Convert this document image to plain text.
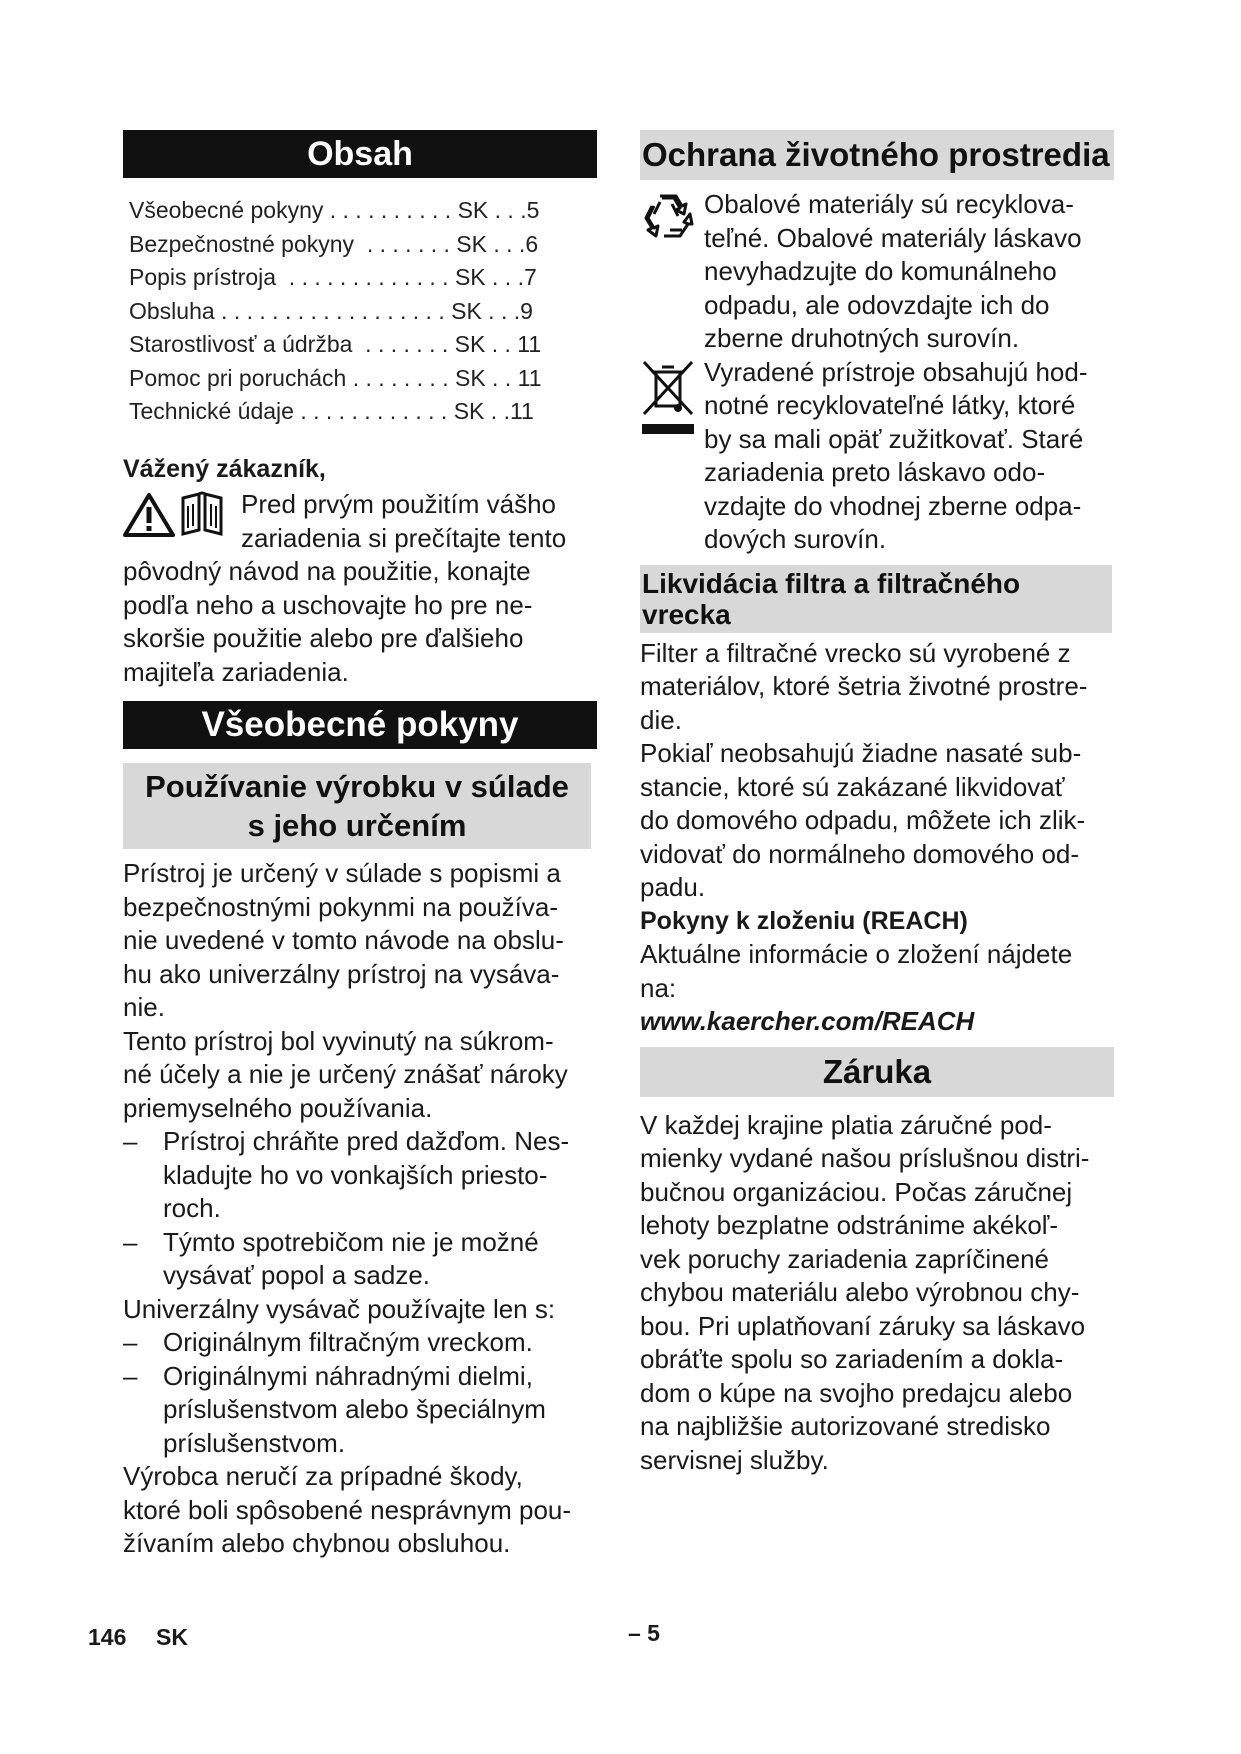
Obsah
Všeobecné pokyny . . . . . . . . . . SK . . .5
Bezpečnostné pokyny  . . . . . . . SK . . .6
Popis prístroja  . . . . . . . . . . . . . SK . . .7
Obsluha . . . . . . . . . . . . . . . . . . SK . . .9
Starostlivosť a údržba  . . . . . . . SK . . 11
Pomoc pri poruchách . . . . . . . . SK . . 11
Technické údaje . . . . . . . . . . . . SK . .11

Vážený zákazník,

Pred prvým použitím vášho

zariadenia si prečítajte tento

pôvodný návod na použitie, konajte

podľa neho a uschovajte ho pre ne-

skoršie použitie alebo pre ďalšieho

majiteľa zariadenia.

Všeobecné pokyny
Používanie výrobku v súlade
s jeho určením

Prístroj je určený v súlade s popismi a

bezpečnostnými pokynmi na používa-

nie uvedené v tomto návode na obslu-

hu ako univerzálny prístroj na vysáva-

nie.

Tento prístroj bol vyvinutý na súkrom-

né účely a nie je určený znášať nároky

priemyselného používania.

– Prístroj chráňte pred dažďom. Nes-

kladujte ho vo vonkajších priesto-

roch.

– Týmto spotrebičom nie je možné

vysávať popol a sadze.

Univerzálny vysávač používajte len s:

– Originálnym filtračným vreckom.

– Originálnymi náhradnými dielmi,

príslušenstvom alebo špeciálnym

príslušenstvom.

Výrobca neručí za prípadné škody,

ktoré boli spôsobené nesprávnym pou-

žívaním alebo chybnou obsluhou.

Ochrana životného prostredia

Obalové materiály sú recyklova-

teľné. Obalové materiály láskavo

nevyhadzujte do komunálneho

odpadu, ale odovzdajte ich do

zberne druhotných surovín.

Vyradené prístroje obsahujú hod-

notné recyklovateľné látky, ktoré

by sa mali opäť zužitkovať. Staré

zariadenia preto láskavo odo-

vzdajte do vhodnej zberne odpa-

dových surovín.

Likvidácia filtra a filtračného
vrecka

Filter a filtračné vrecko sú vyrobené z

materiálov, ktoré šetria životné prostre-

die.

Pokiaľ neobsahujú žiadne nasaté sub-

stancie, ktoré sú zakázané likvidovať

do domového odpadu, môžete ich zlik-

vidovať do normálneho domového od-

padu.

Pokyny k zloženiu (REACH)

Aktuálne informácie o zložení nájdete

na:

www.kaercher.com/REACH
Záruka

V každej krajine platia záručné pod-

mienky vydané našou príslušnou distri-

bučnou organizáciou. Počas záručnej

lehoty bezplatne odstránime akékoľ-

vek poruchy zariadenia zapríčinené

chybou materiálu alebo výrobnou chy-

bou. Pri uplatňovaní záruky sa láskavo

obráťte spolu so zariadením a dokla-

dom o kúpe na svojho predajcu alebo

na najbližšie autorizované stredisko

servisnej služby.

146 SK	– 5
